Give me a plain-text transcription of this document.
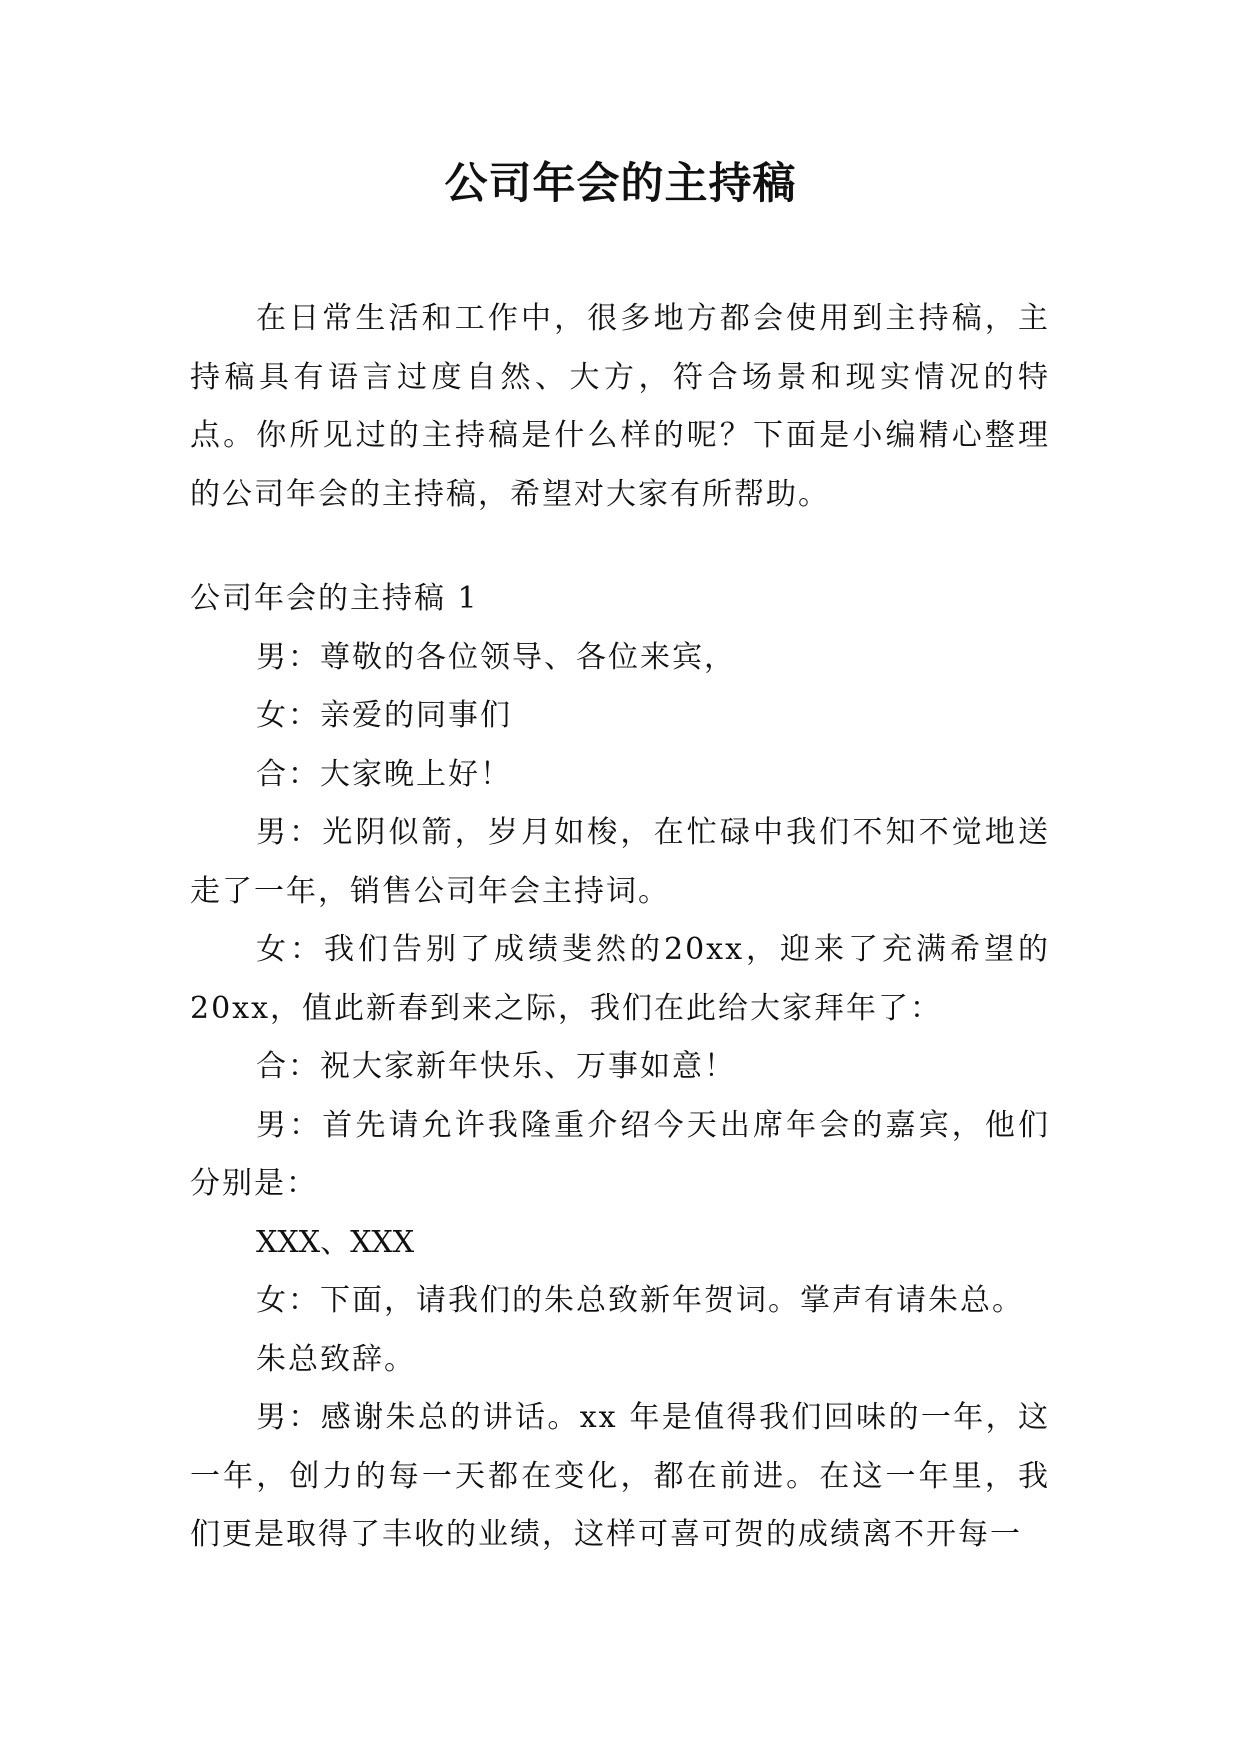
公司年会的主持稿

在日常生活和工作中，很多地方都会使用到主持稿，主持稿具有语言过度自然、大方，符合场景和现实情况的特点。你所见过的主持稿是什么样的呢？下面是小编精心整理的公司年会的主持稿，希望对大家有所帮助。

公司年会的主持稿 1

男：尊敬的各位领导、各位来宾，

女：亲爱的同事们

合：大家晚上好！

男：光阴似箭，岁月如梭，在忙碌中我们不知不觉地送走了一年，销售公司年会主持词。

女：我们告别了成绩斐然的20xx，迎来了充满希望的20xx，值此新春到来之际，我们在此给大家拜年了：

合：祝大家新年快乐、万事如意！

男：首先请允许我隆重介绍今天出席年会的嘉宾，他们分别是：

XXX、XXX

女：下面，请我们的朱总致新年贺词。掌声有请朱总。

朱总致辞。

男：感谢朱总的讲话。xx 年是值得我们回味的一年，这一年，创力的每一天都在变化，都在前进。在这一年里，我们更是取得了丰收的业绩，这样可喜可贺的成绩离不开每一
